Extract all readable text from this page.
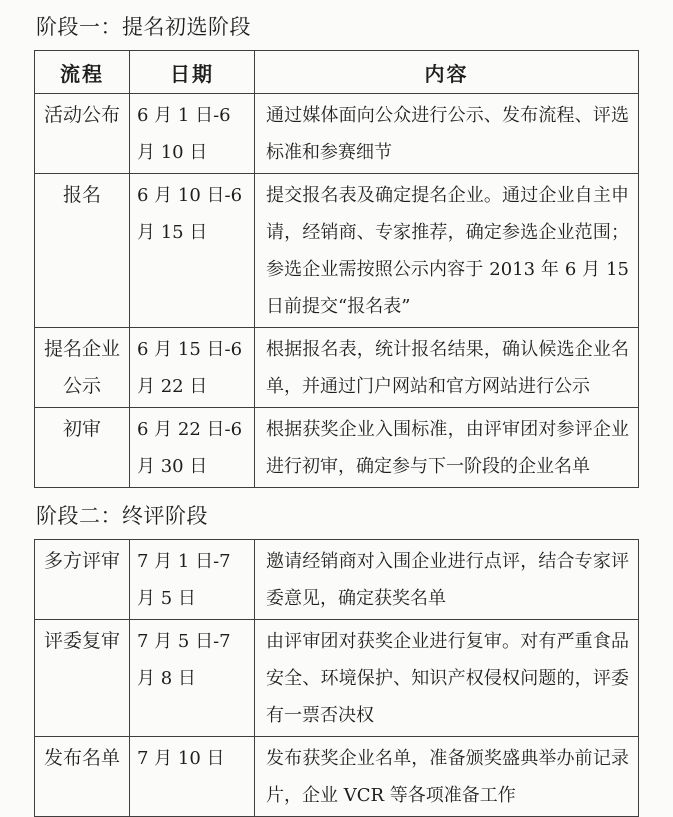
阶段一：提名初选阶段
流程	日期	内容
活动公布	6 月 1 日-6 月 10 日	通过媒体面向公众进行公示、发布流程、评选标准和参赛细节
报名	6 月 10 日-6 月 15 日	提交报名表及确定提名企业。通过企业自主申请，经销商、专家推荐，确定参选企业范围；参选企业需按照公示内容于 2013 年 6 月 15 日前提交“报名表”
提名企业公示	6 月 15 日-6 月 22 日	根据报名表，统计报名结果，确认候选企业名单，并通过门户网站和官方网站进行公示
初审	6 月 22 日-6 月 30 日	根据获奖企业入围标准，由评审团对参评企业进行初审，确定参与下一阶段的企业名单
阶段二：终评阶段
多方评审	7 月 1 日-7 月 5 日	邀请经销商对入围企业进行点评，结合专家评委意见，确定获奖名单
评委复审	7 月 5 日-7 月 8 日	由评审团对获奖企业进行复审。对有严重食品安全、环境保护、知识产权侵权问题的，评委有一票否决权
发布名单	7 月 10 日	发布获奖企业名单，准备颁奖盛典举办前记录片，企业 VCR 等各项准备工作
